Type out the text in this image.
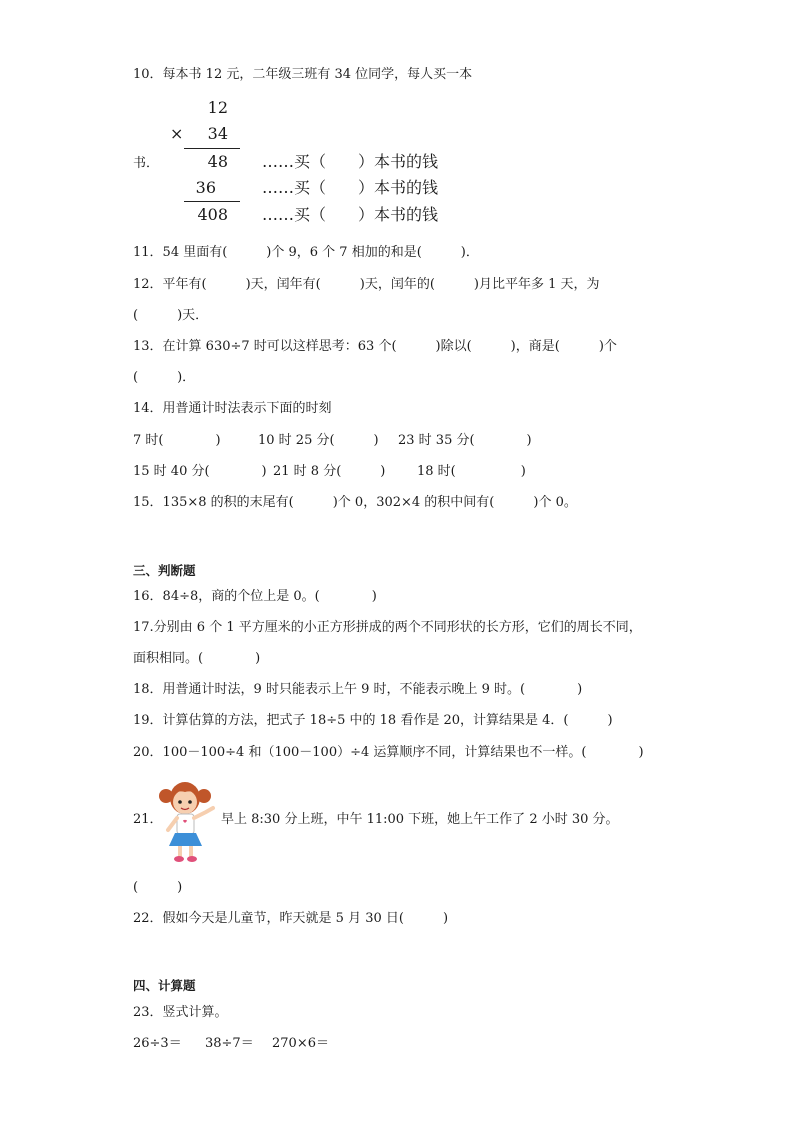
10．每本书 12 元，二年级三班有 34 位同学，每人买一本
12
×	34
书．	48 ……买（　　）本书的钱
36	……买（　　）本书的钱
408 ……买（　　）本书的钱
11．54 里面有(　　　)个 9，6 个 7 相加的和是(　　　)．
12．平年有(　　　)天，闰年有(　　　)天，闰年的(　　　)月比平年多 1 天，为
(　　　)天．
13．在计算 630÷7 时可以这样思考：63 个(　　　)除以(　　　)，商是(　　　)个
(　　　)．
14．用普通计时法表示下面的时刻
7 时(　　　　)	10 时 25 分(　　　) 23 时 35 分(　　　　)
15 时 40 分(　　　　) 21 时 8 分(　　　) 18 时(　　　　　)
15．135×8 的积的末尾有(　　　)个 0，302×4 的积中间有(　　　)个 0。
三、判断题
16．84÷8，商的个位上是 0。(　　　　)
17.分别由 6 个 1 平方厘米的小正方形拼成的两个不同形状的长方形，它们的周长不同，
面积相同。(　　　　)
18．用普通计时法，9 时只能表示上午 9 时，不能表示晚上 9 时。(　　　　)
19．计算估算的方法，把式子 18÷5 中的 18 看作是 20，计算结果是 4．(　　　)
20．100－100÷4 和（100－100）÷4 运算顺序不同，计算结果也不一样。(　　　　)
21．	早上 8:30 分上班，中午 11:00 下班，她上午工作了 2 小时 30 分。
(　　　)
22．假如今天是儿童节，昨天就是 5 月 30 日(　　　)
四、计算题
23．竖式计算。
26÷3＝ 38÷7＝ 270×6＝
